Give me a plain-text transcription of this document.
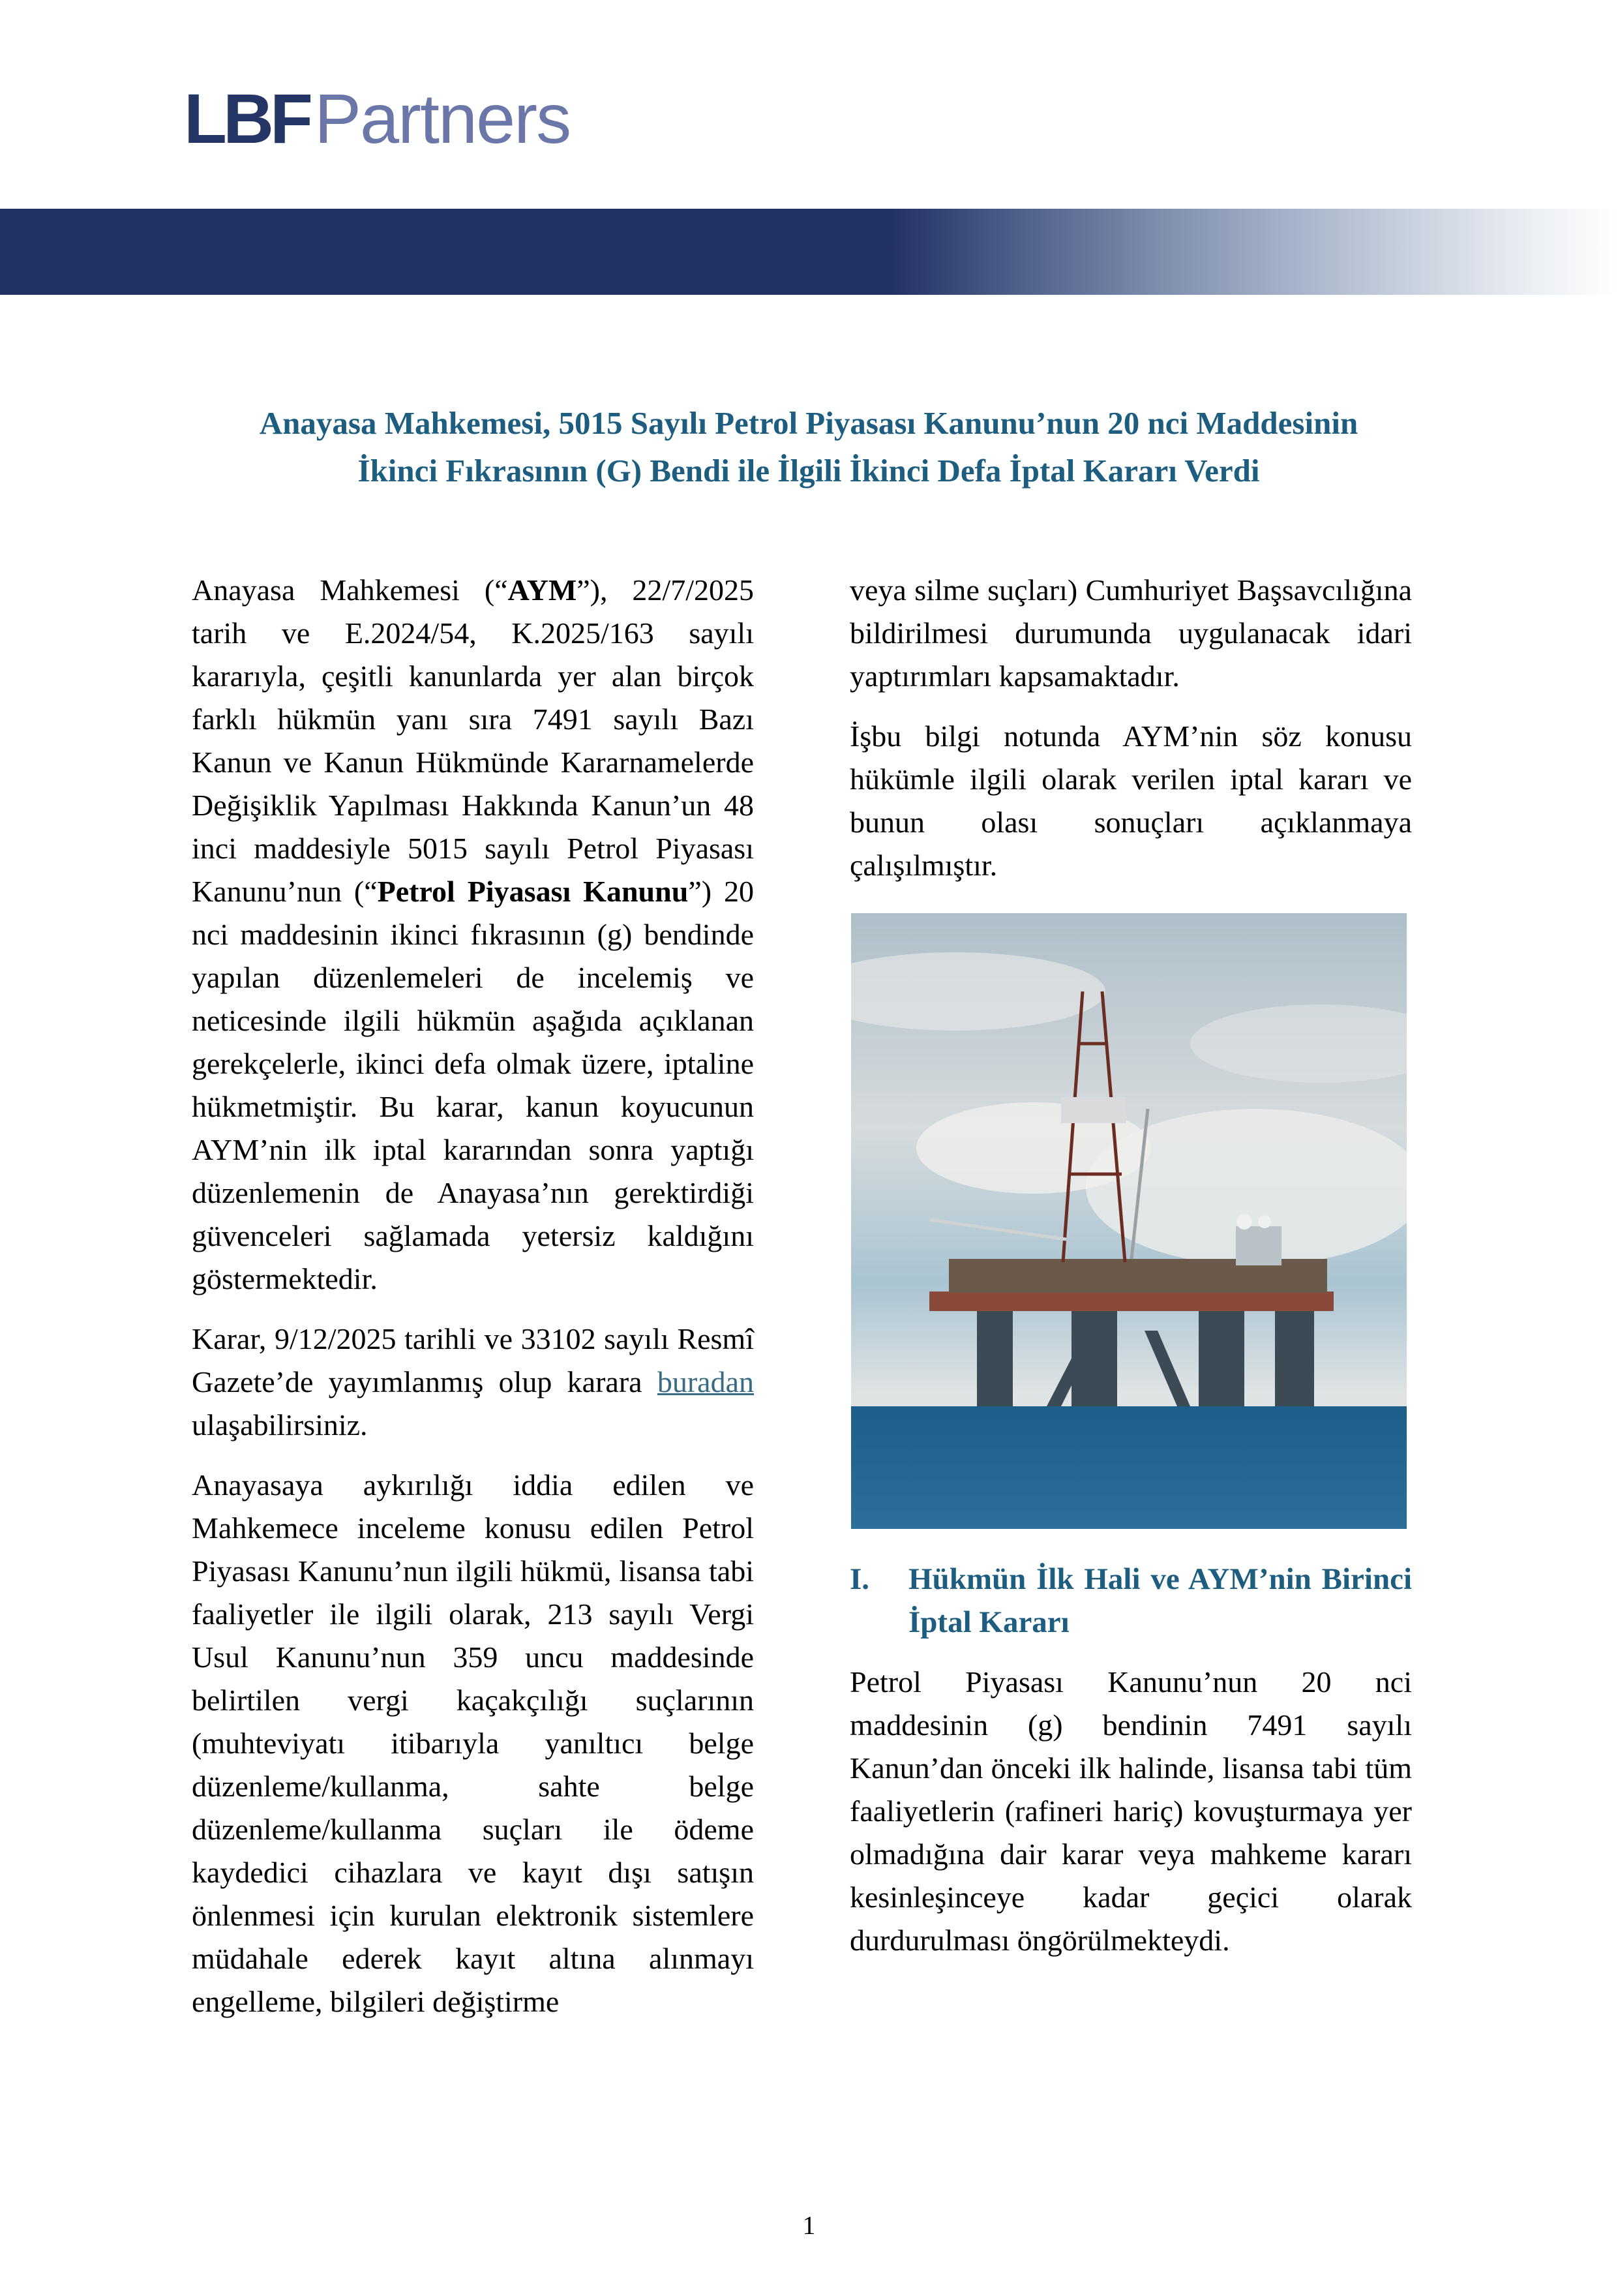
LBFPartners
Anayasa Mahkemesi, 5015 Sayılı Petrol Piyasası Kanunu’nun 20 nci Maddesinin
İkinci Fıkrasının (G) Bendi ile İlgili İkinci Defa İptal Kararı Verdi

Anayasa Mahkemesi (“AYM”), 22/7/2025 tarih ve E.2024/54, K.2025/163 sayılı kararıyla, çeşitli kanunlarda yer alan birçok farklı hükmün yanı sıra 7491 sayılı Bazı Kanun ve Kanun Hükmünde Kararnamelerde Değişiklik Yapılması Hakkında Kanun’un 48 inci maddesiyle 5015 sayılı Petrol Piyasası Kanunu’nun (“Petrol Piyasası Kanunu”) 20 nci maddesinin ikinci fıkrasının (g) bendinde yapılan düzenlemeleri de incelemiş ve neticesinde ilgili hükmün aşağıda açıklanan gerekçelerle, ikinci defa olmak üzere, iptaline hükmetmiştir. Bu karar, kanun koyucunun AYM’nin ilk iptal kararından sonra yaptığı düzenlemenin de Anayasa’nın gerektirdiği güvenceleri sağlamada yetersiz kaldığını göstermektedir.

Karar, 9/12/2025 tarihli ve 33102 sayılı Resmî Gazete’de yayımlanmış olup karara buradan ulaşabilirsiniz.

Anayasaya aykırılığı iddia edilen ve Mahkemece inceleme konusu edilen Petrol Piyasası Kanunu’nun ilgili hükmü, lisansa tabi faaliyetler ile ilgili olarak, 213 sayılı Vergi Usul Kanunu’nun 359 uncu maddesinde belirtilen vergi kaçakçılığı suçlarının (muhteviyatı itibarıyla yanıltıcı belge düzenleme/kullanma, sahte belge düzenleme/kullanma suçları ile ödeme kaydedici cihazlara ve kayıt dışı satışın önlenmesi için kurulan elektronik sistemlere müdahale ederek kayıt altına alınmayı engelleme, bilgileri değiştirme

veya silme suçları) Cumhuriyet Başsavcılığına bildirilmesi durumunda uygulanacak idari yaptırımları kapsamaktadır.

İşbu bilgi notunda AYM’nin söz konusu hükümle ilgili olarak verilen iptal kararı ve bunun olası sonuçları açıklanmaya çalışılmıştır.

I.	Hükmün İlk Hali ve AYM’nin Birinci İptal Kararı

Petrol Piyasası Kanunu’nun 20 nci maddesinin (g) bendinin 7491 sayılı Kanun’dan önceki ilk halinde, lisansa tabi tüm faaliyetlerin (rafineri hariç) kovuşturmaya yer olmadığına dair karar veya mahkeme kararı kesinleşinceye kadar geçici olarak durdurulması öngörülmekteydi.

1
